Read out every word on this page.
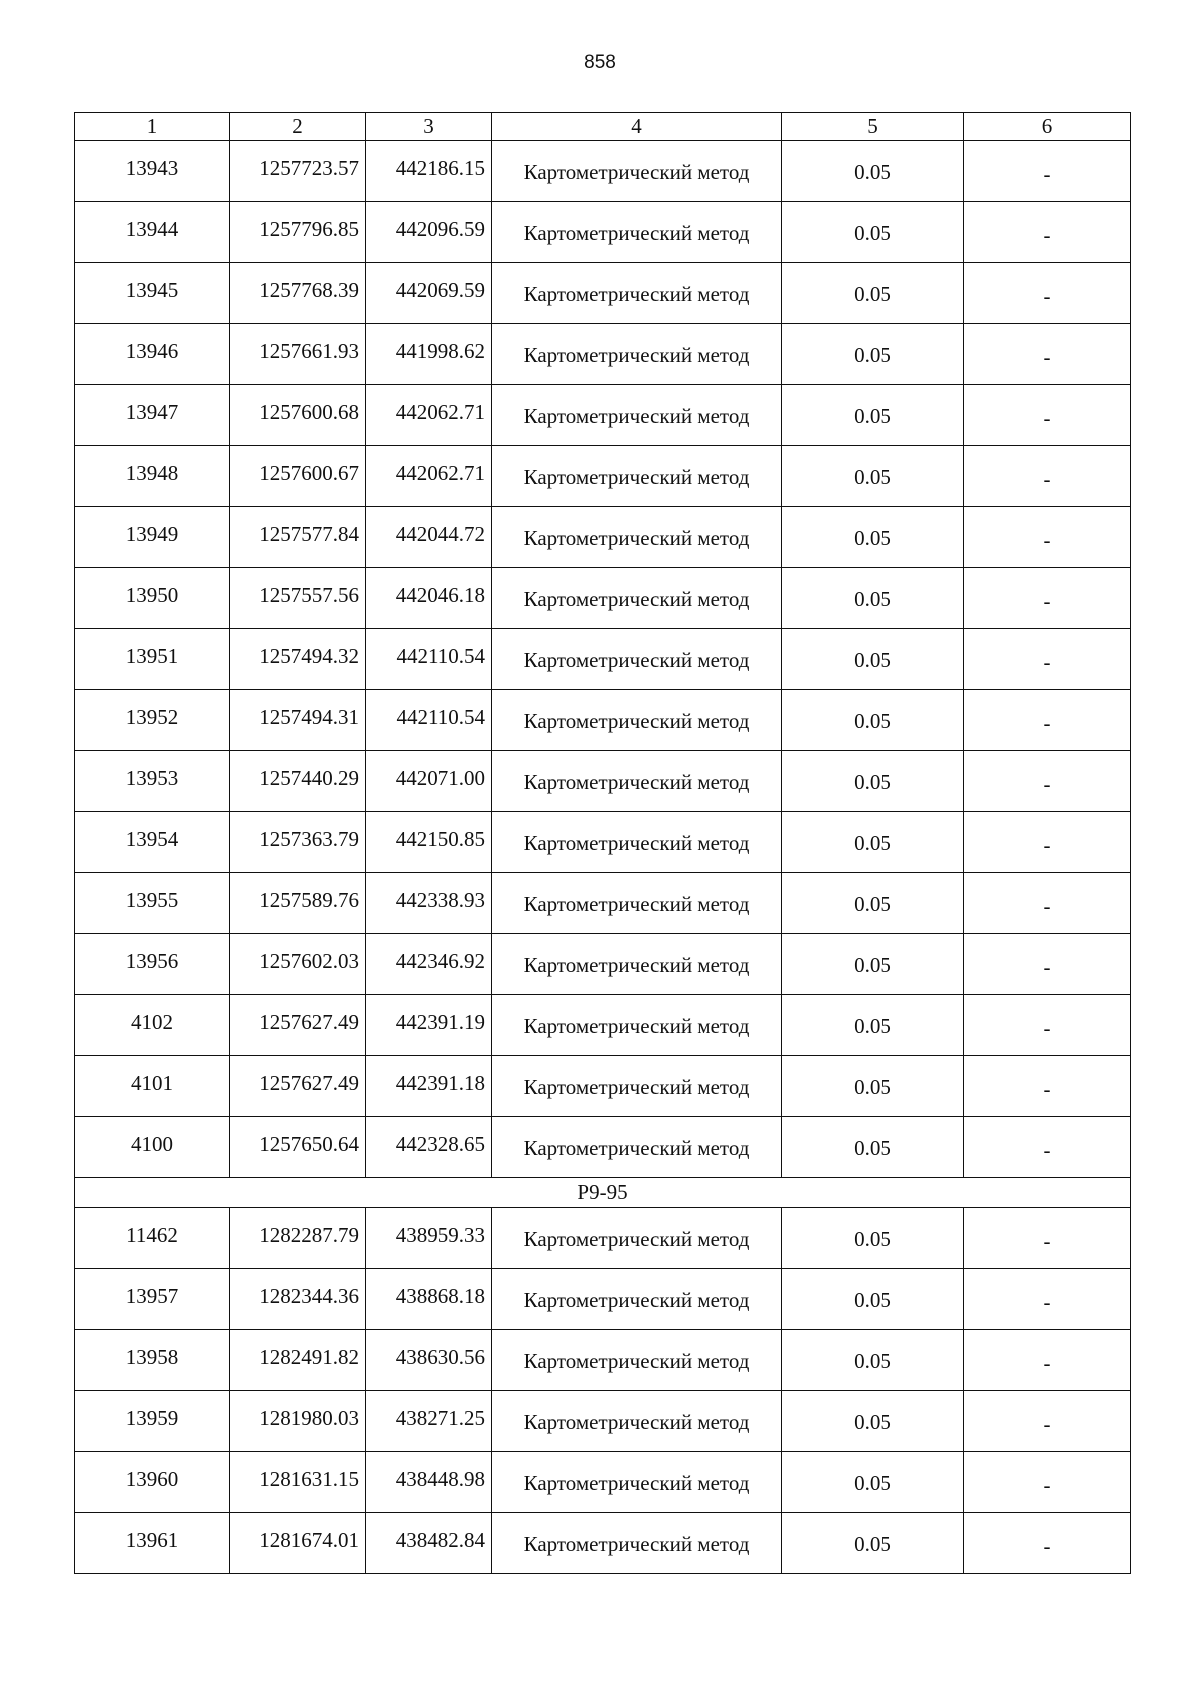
858
1	2	3	4	5	6
13943	1257723.57	442186.15	Картометрический метод	0.05	-
13944	1257796.85	442096.59	Картометрический метод	0.05	-
13945	1257768.39	442069.59	Картометрический метод	0.05	-
13946	1257661.93	441998.62	Картометрический метод	0.05	-
13947	1257600.68	442062.71	Картометрический метод	0.05	-
13948	1257600.67	442062.71	Картометрический метод	0.05	-
13949	1257577.84	442044.72	Картометрический метод	0.05	-
13950	1257557.56	442046.18	Картометрический метод	0.05	-
13951	1257494.32	442110.54	Картометрический метод	0.05	-
13952	1257494.31	442110.54	Картометрический метод	0.05	-
13953	1257440.29	442071.00	Картометрический метод	0.05	-
13954	1257363.79	442150.85	Картометрический метод	0.05	-
13955	1257589.76	442338.93	Картометрический метод	0.05	-
13956	1257602.03	442346.92	Картометрический метод	0.05	-
4102	1257627.49	442391.19	Картометрический метод	0.05	-
4101	1257627.49	442391.18	Картометрический метод	0.05	-
4100	1257650.64	442328.65	Картометрический метод	0.05	-
Р9-95					
11462	1282287.79	438959.33	Картометрический метод	0.05	-
13957	1282344.36	438868.18	Картометрический метод	0.05	-
13958	1282491.82	438630.56	Картометрический метод	0.05	-
13959	1281980.03	438271.25	Картометрический метод	0.05	-
13960	1281631.15	438448.98	Картометрический метод	0.05	-
13961	1281674.01	438482.84	Картометрический метод	0.05	-
